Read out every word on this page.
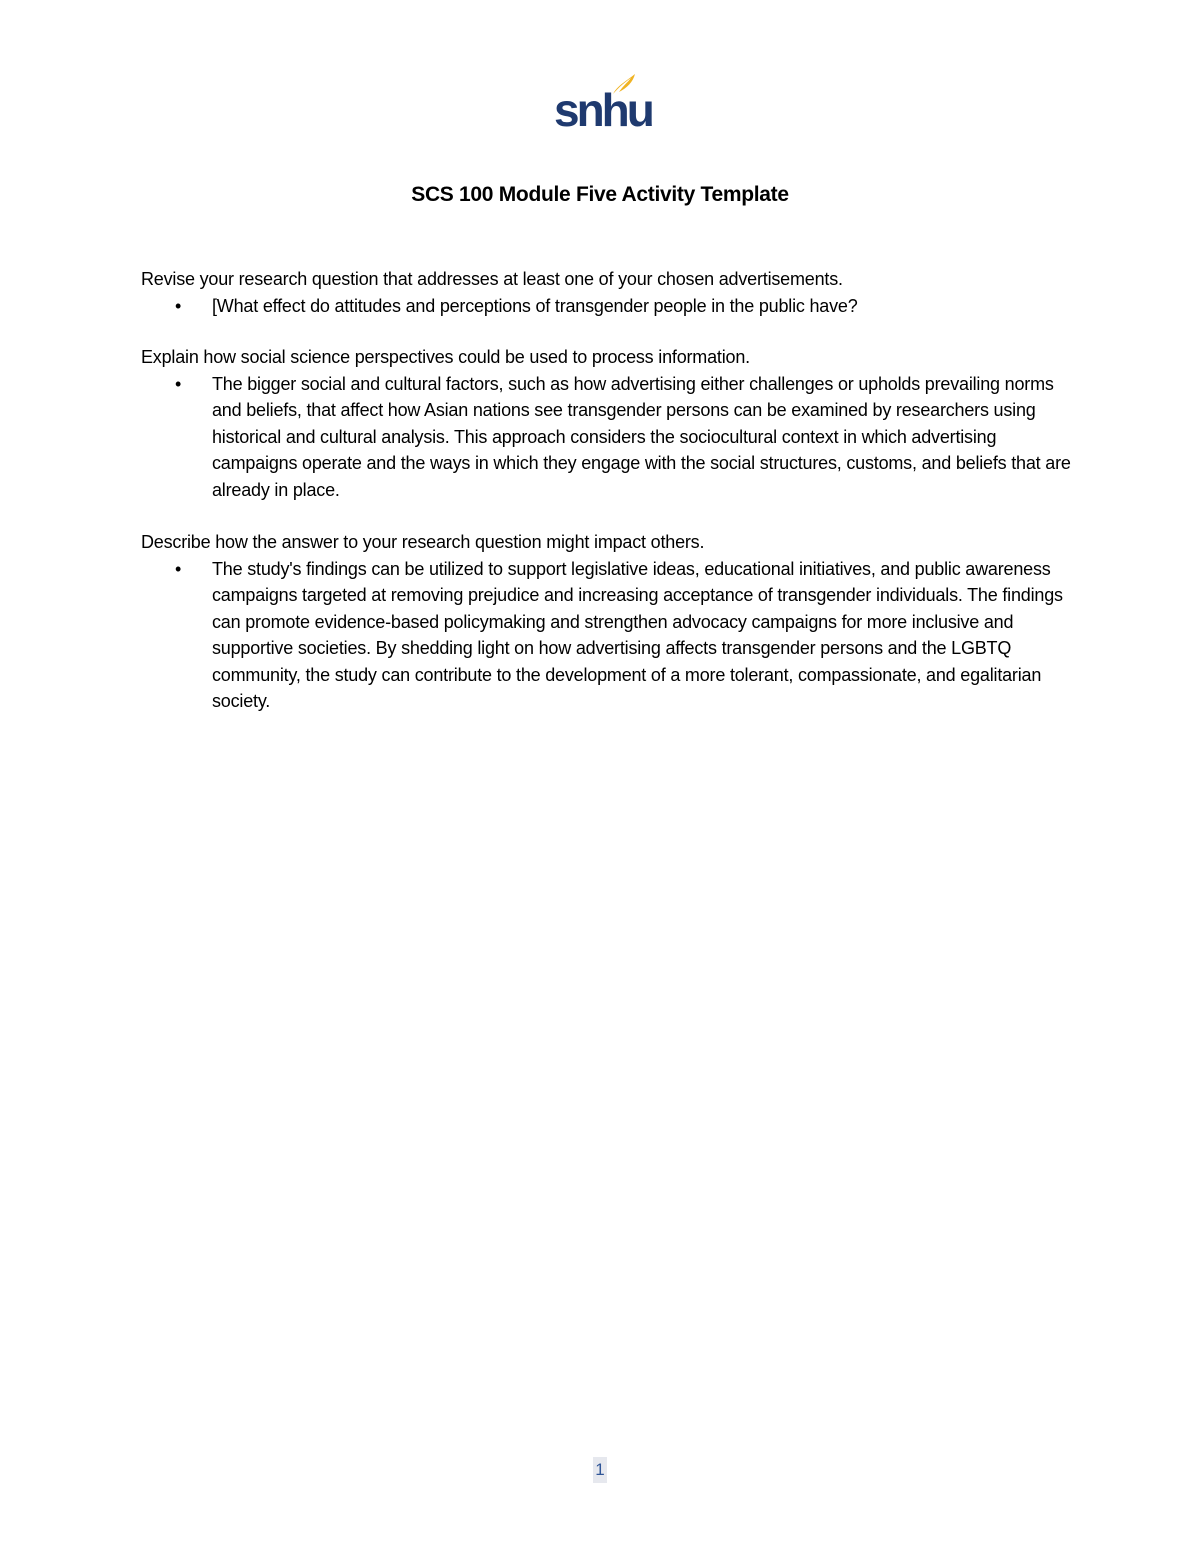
snhu
SCS 100 Module Five Activity Template

Revise your research question that addresses at least one of your chosen advertisements.

• [What effect do attitudes and perceptions of transgender people in the public have?

Explain how social science perspectives could be used to process information.

• The bigger social and cultural factors, such as how advertising either challenges or upholds prevailing norms and beliefs, that affect how Asian nations see transgender persons can be examined by researchers using historical and cultural analysis. This approach considers the sociocultural context in which advertising campaigns operate and the ways in which they engage with the social structures, customs, and beliefs that are already in place.

Describe how the answer to your research question might impact others.

• The study's findings can be utilized to support legislative ideas, educational initiatives, and public awareness campaigns targeted at removing prejudice and increasing acceptance of transgender individuals. The findings can promote evidence-based policymaking and strengthen advocacy campaigns for more inclusive and supportive societies. By shedding light on how advertising affects transgender persons and the LGBTQ community, the study can contribute to the development of a more tolerant, compassionate, and egalitarian society.

1
